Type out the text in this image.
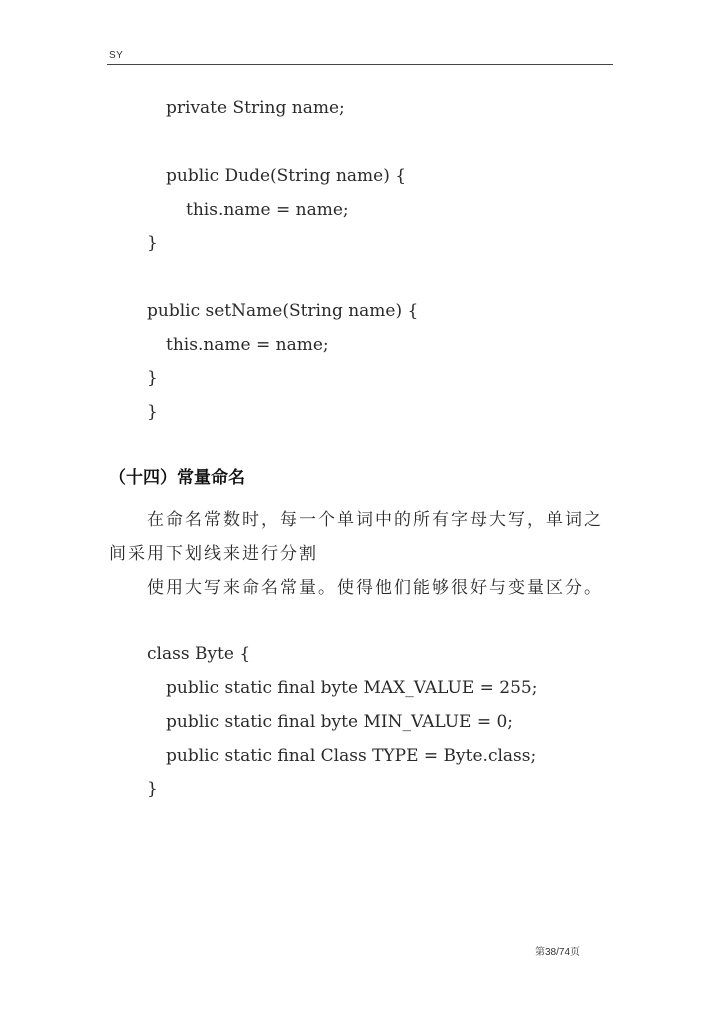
SY
private String name;
public Dude(String name) {
this.name = name;
}
public setName(String name) {
this.name = name;
}
}
（十四）常量命名
在命名常数时，每一个单词中的所有字母大写，单词之
间采用下划线来进行分割
使用大写来命名常量。使得他们能够很好与变量区分。
class Byte {
public static final byte MAX_VALUE = 255;
public static final byte MIN_VALUE = 0;
public static final Class TYPE = Byte.class;
}
第38/74页
